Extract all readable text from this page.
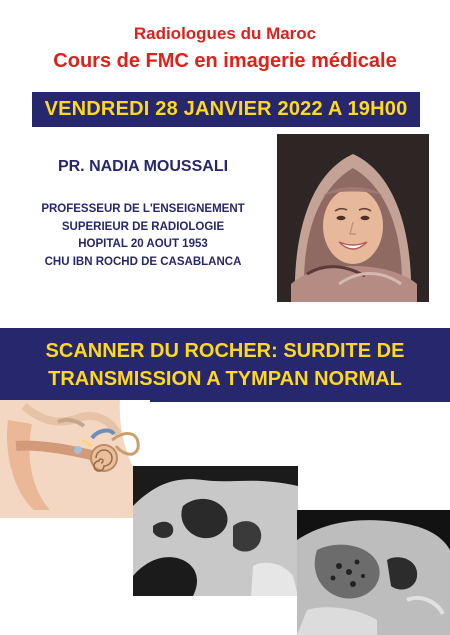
Radiologues du Maroc
Cours de FMC en imagerie médicale
VENDREDI 28 JANVIER 2022 A 19H00

PR. NADIA MOUSSALI

PROFESSEUR DE L'ENSEIGNEMENT
SUPERIEUR DE RADIOLOGIE
HOPITAL 20 AOUT 1953
CHU IBN ROCHD DE CASABLANCA
SCANNER DU ROCHER: SURDITE DE
TRANSMISSION A TYMPAN NORMAL
